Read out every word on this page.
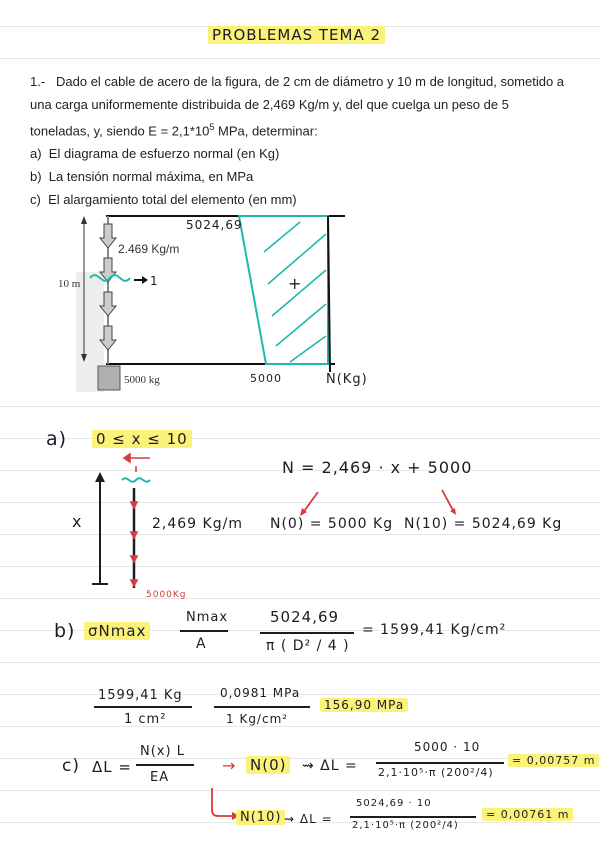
PROBLEMAS TEMA 2

1.- Dado el cable de acero de la figura, de 2 cm de diámetro y 10 m de longitud, sometido a una carga uniformemente distribuida de 2,469 Kg/m y, del que cuelga un peso de 5 toneladas, y, siendo $E = 2,1*10^5$ MPa, determinar:

a) El diagrama de esfuerzo normal (en Kg)

b) La tensión normal máxima, en MPa

c) El alargamiento total del elemento (en mm)

2.469 Kg/m
10 m
5000 kg
5024,69
5000
+
N(Kg)
1
a) 0 ≤ x ≤ 10
N = 2,469 · x + 5000
x	2,469 Kg/m
5000Kg
N(0) = 5000 Kg N(10) = 5024,69 Kg
b) σNmax
Nmax
A
5024,69
π ( D² / 4 )
= 1599,41 Kg/cm²
1599,41 Kg
1 cm²
0,0981 MPa
1 Kg/cm²
156,90 MPa
c) ΔL =
N(x) L
EA
→ N(0) ⇝ ΔL =
5000 · 10
2,1·10⁵·π (200²/4)
= 0,00757 m
N(10) ⇝ ΔL =
5024,69 · 10
2,1·10⁵·π (200²/4)
= 0,00761 m
